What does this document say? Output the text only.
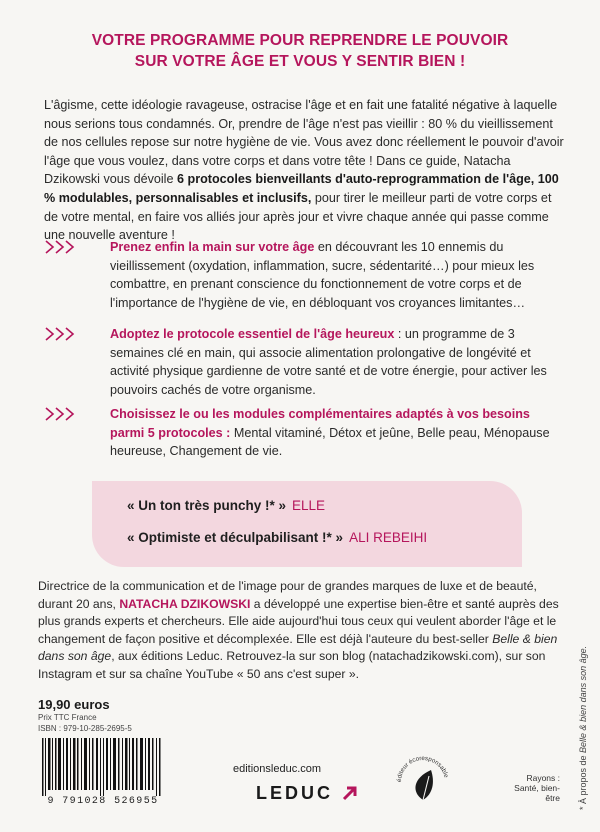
VOTRE PROGRAMME POUR REPRENDRE LE POUVOIR
SUR VOTRE ÂGE ET VOUS Y SENTIR BIEN !
L'âgisme, cette idéologie ravageuse, ostracise l'âge et en fait une fatalité négative à laquelle nous serions tous condamnés. Or, prendre de l'âge n'est pas vieillir : 80 % du vieillissement de nos cellules repose sur notre hygiène de vie. Vous avez donc réellement le pouvoir d'avoir l'âge que vous voulez, dans votre corps et dans votre tête ! Dans ce guide, Natacha Dzikowski vous dévoile 6 protocoles bienveillants d'auto-reprogrammation de l'âge, 100 % modulables, personnalisables et inclusifs, pour tirer le meilleur parti de votre corps et de votre mental, en faire vos alliés jour après jour et vivre chaque année qui passe comme une nouvelle aventure !
Prenez enfin la main sur votre âge en découvrant les 10 ennemis du vieillissement (oxydation, inflammation, sucre, sédentarité…) pour mieux les combattre, en prenant conscience du fonctionnement de votre corps et de l'importance de l'hygiène de vie, en débloquant vos croyances limitantes…
Adoptez le protocole essentiel de l'âge heureux : un programme de 3 semaines clé en main, qui associe alimentation prolongative de longévité et activité physique gardienne de votre santé et de votre énergie, pour activer les pouvoirs cachés de votre organisme.
Choisissez le ou les modules complémentaires adaptés à vos besoins parmi 5 protocoles : Mental vitaminé, Détox et jeûne, Belle peau, Ménopause heureuse, Changement de vie.
« Un ton très punchy !* » ELLE
« Optimiste et déculpabilisant !* » ALI REBEIHI
Directrice de la communication et de l'image pour de grandes marques de luxe et de beauté, durant 20 ans, NATACHA DZIKOWSKI a développé une expertise bien-être et santé auprès des plus grands experts et chercheurs. Elle aide aujourd'hui tous ceux qui veulent aborder l'âge et le changement de façon positive et décomplexée. Elle est déjà l'auteure du best-seller Belle & bien dans son âge, aux éditions Leduc. Retrouvez-la sur son blog (natachadzikowski.com), sur son Instagram et sur sa chaîne YouTube « 50 ans c'est super ».
19,90 euros
Prix TTC France
ISBN : 979-10-285-2695-5
9 791028 526955
editionsleduc.com
LEDUC
éditeur écoresponsable	Rayons : Santé, bien-être * À propos de Belle & bien dans son âge.
